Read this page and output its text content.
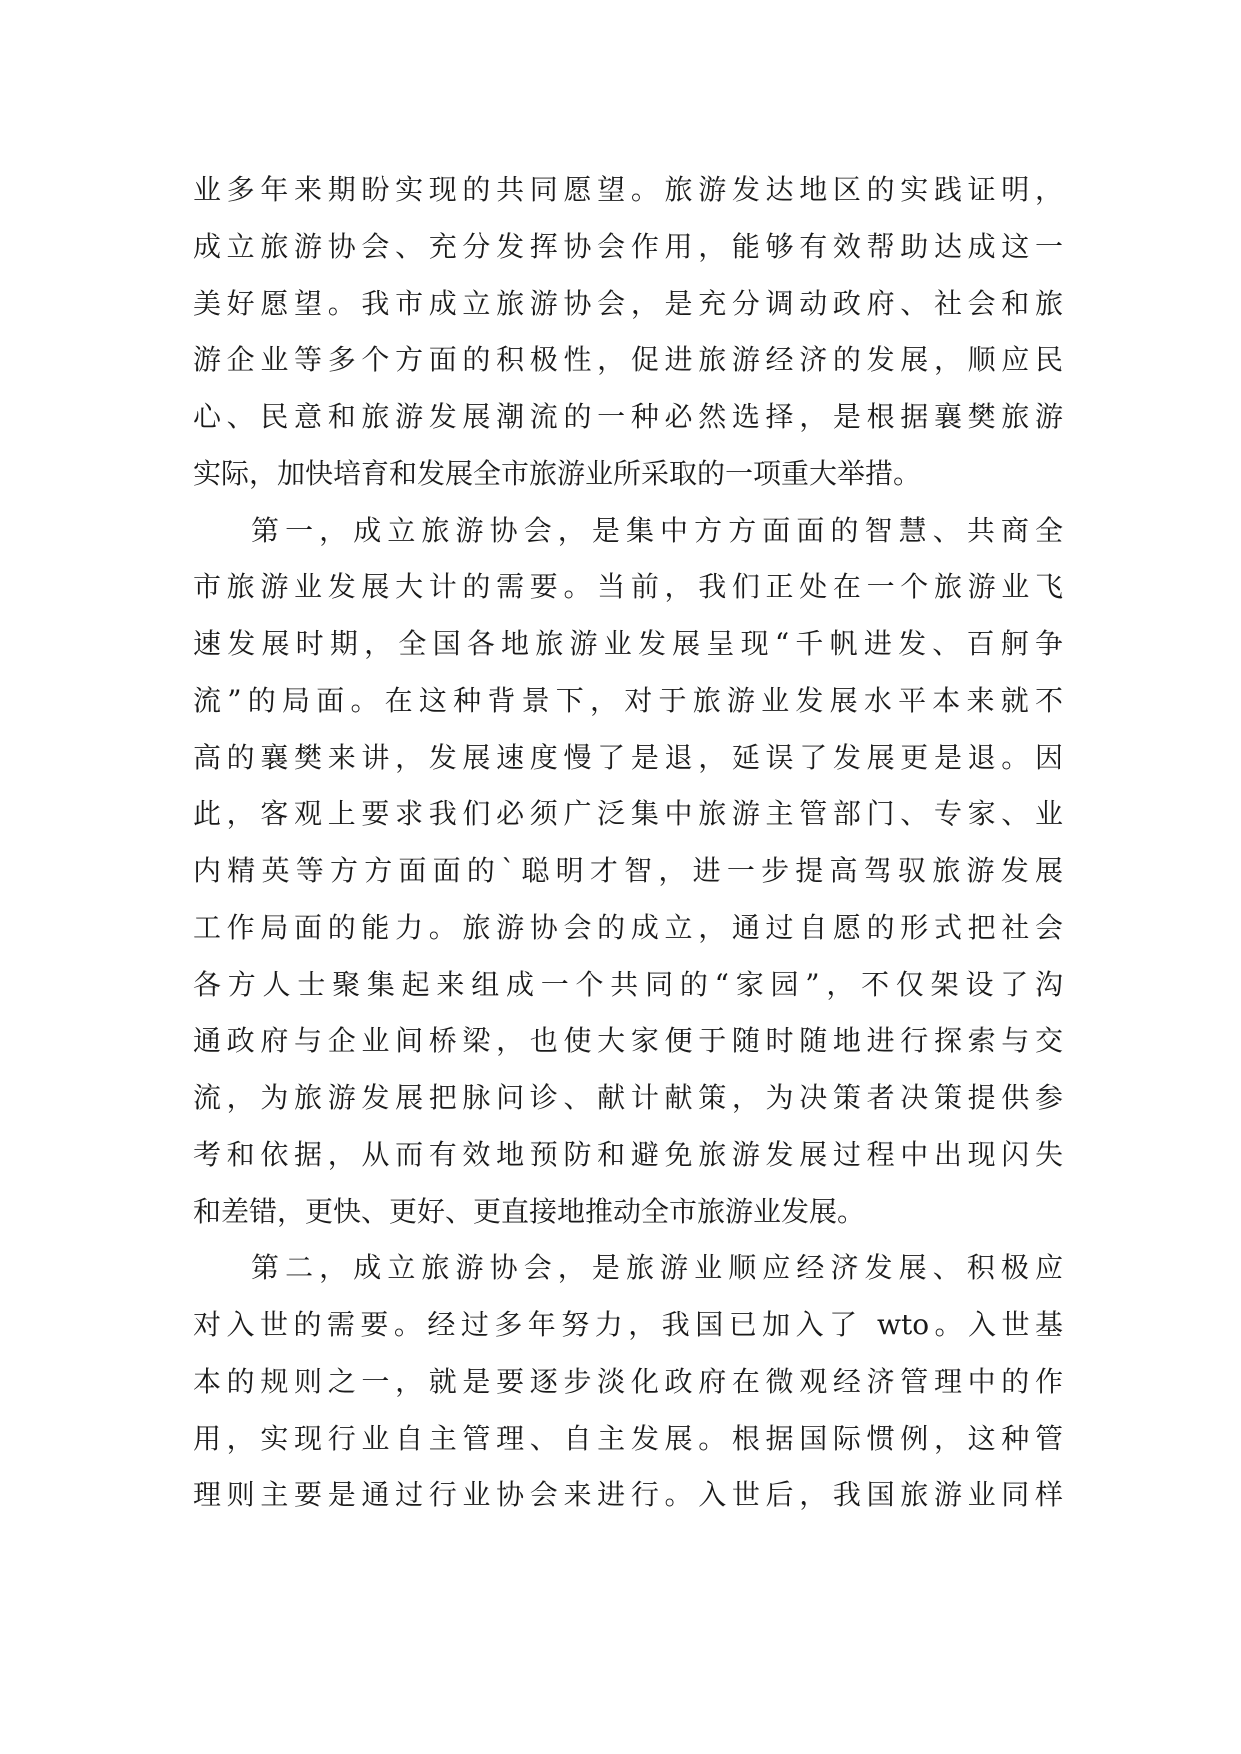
业多年来期盼实现的共同愿望。旅游发达地区的实践证明，
成立旅游协会、充分发挥协会作用，能够有效帮助达成这一
美好愿望。我市成立旅游协会，是充分调动政府、社会和旅
游企业等多个方面的积极性，促进旅游经济的发展，顺应民
心、民意和旅游发展潮流的一种必然选择，是根据襄樊旅游
实际，加快培育和发展全市旅游业所采取的一项重大举措。
第一，成立旅游协会，是集中方方面面的智慧、共商全
市旅游业发展大计的需要。当前，我们正处在一个旅游业飞
速发展时期，全国各地旅游业发展呈现“千帆进发、百舸争
流”的局面。在这种背景下，对于旅游业发展水平本来就不
高的襄樊来讲，发展速度慢了是退，延误了发展更是退。因
此，客观上要求我们必须广泛集中旅游主管部门、专家、业
内精英等方方面面的`聪明才智，进一步提高驾驭旅游发展
工作局面的能力。旅游协会的成立，通过自愿的形式把社会
各方人士聚集起来组成一个共同的“家园”，不仅架设了沟
通政府与企业间桥梁，也使大家便于随时随地进行探索与交
流，为旅游发展把脉问诊、献计献策，为决策者决策提供参
考和依据，从而有效地预防和避免旅游发展过程中出现闪失
和差错，更快、更好、更直接地推动全市旅游业发展。
第二，成立旅游协会，是旅游业顺应经济发展、积极应
对入世的需要。经过多年努力，我国已加入了 wto。入世基
本的规则之一，就是要逐步淡化政府在微观经济管理中的作
用，实现行业自主管理、自主发展。根据国际惯例，这种管
理则主要是通过行业协会来进行。入世后，我国旅游业同样
